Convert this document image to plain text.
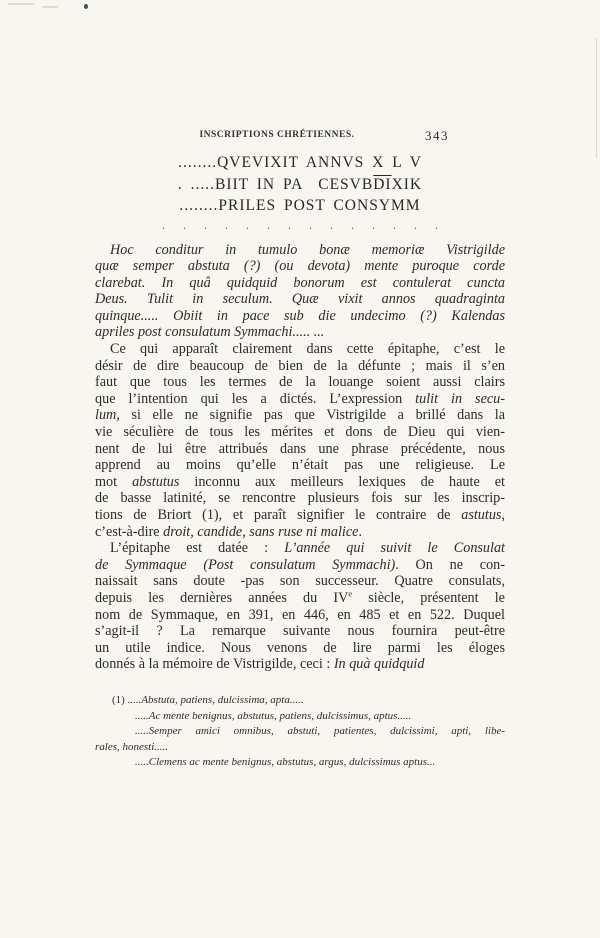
INSCRIPTIONS CHRÉTIENNES.	343
........QVEVIXIT ANNVS X L V
. .....BIIT IN PA  $CESVB\overline{DI}XIK$
........PRILES POST CONSYMM
. . . . . . . . . . . . . .
Hoc conditur in tumulo bonæ memoriæ Vistrigilde
quæ semper abstuta (?) (ou devota) mente puroque corde
clarebat. In quâ quidquid bonorum est contulerat cuncta
Deus. Tulit in seculum. Quæ vixit annos quadraginta
quinque..... Obiit in pace sub die undecimo (?) Kalendas
apriles post consulatum Symmachi..... ...
Ce qui apparaît clairement dans cette épitaphe, c’est le
désir de dire beaucoup de bien de la défunte ; mais il s’en
faut que tous les termes de la louange soient aussi clairs
que l’intention qui les a dictés. L’expression tulit in secu-
lum, si elle ne signifie pas que Vistrigilde a brillé dans la
vie séculière de tous les mérites et dons de Dieu qui vien-
nent de lui être attribués dans une phrase précédente, nous
apprend au moins qu’elle n’était pas une religieuse. Le
mot abstutus inconnu aux meilleurs lexiques de haute et
de basse latinité, se rencontre plusieurs fois sur les inscrip-
tions de Briort (1), et paraît signifier le contraire de astutus,
c’est-à-dire droit, candide, sans ruse ni malice.
L’épitaphe est datée : L’année qui suivit le Consulat
de Symmaque (Post consulatum Symmachi). On ne con-
naissait sans doute -pas son successeur. Quatre consulats,
depuis les dernières années du IVe siècle, présentent le
nom de Symmaque, en 391, en 446, en 485 et en 522. Duquel
s’agit-il ? La remarque suivante nous fournira peut-être
un utile indice. Nous venons de lire parmi les éloges
donnés à la mémoire de Vistrigilde, ceci : In quà quidquid
(1) .....Abstuta, patiens, dulcissima, apta.....
.....Ac mente benignus, abstutus, patiens, dulcissimus, aptus.....
.....Semper amici omnibus, abstuti, patientes, dulcissimi, apti, libe-
rales, honesti.....
.....Clemens ac mente benignus, abstutus, argus, dulcissimus aptus...
